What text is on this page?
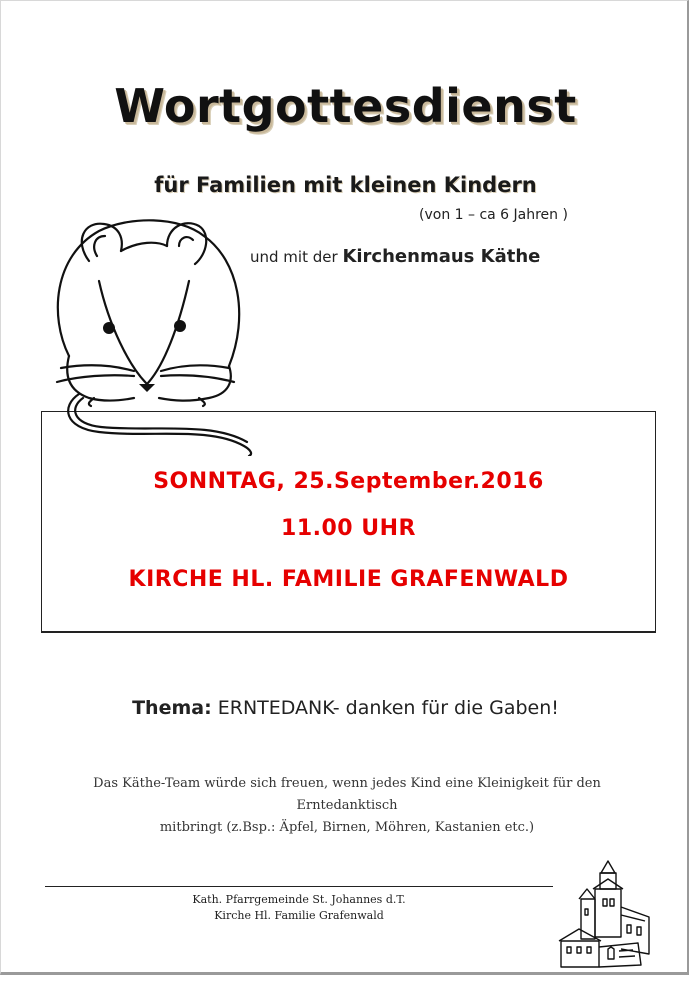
Wortgottesdienst
für Familien mit kleinen Kindern
(von 1 – ca 6 Jahren )
und mit der Kirchenmaus Käthe
SONNTAG, 25.September.2016
11.00 UHR
KIRCHE HL. FAMILIE GRAFENWALD
Thema: ERNTEDANK- danken für die Gaben!
Das Käthe-Team würde sich freuen, wenn jedes Kind eine Kleinigkeit für den Erntedanktisch
mitbringt (z.Bsp.: Äpfel, Birnen, Möhren, Kastanien etc.)
Kath. Pfarrgemeinde St. Johannes d.T.
Kirche Hl. Familie Grafenwald
